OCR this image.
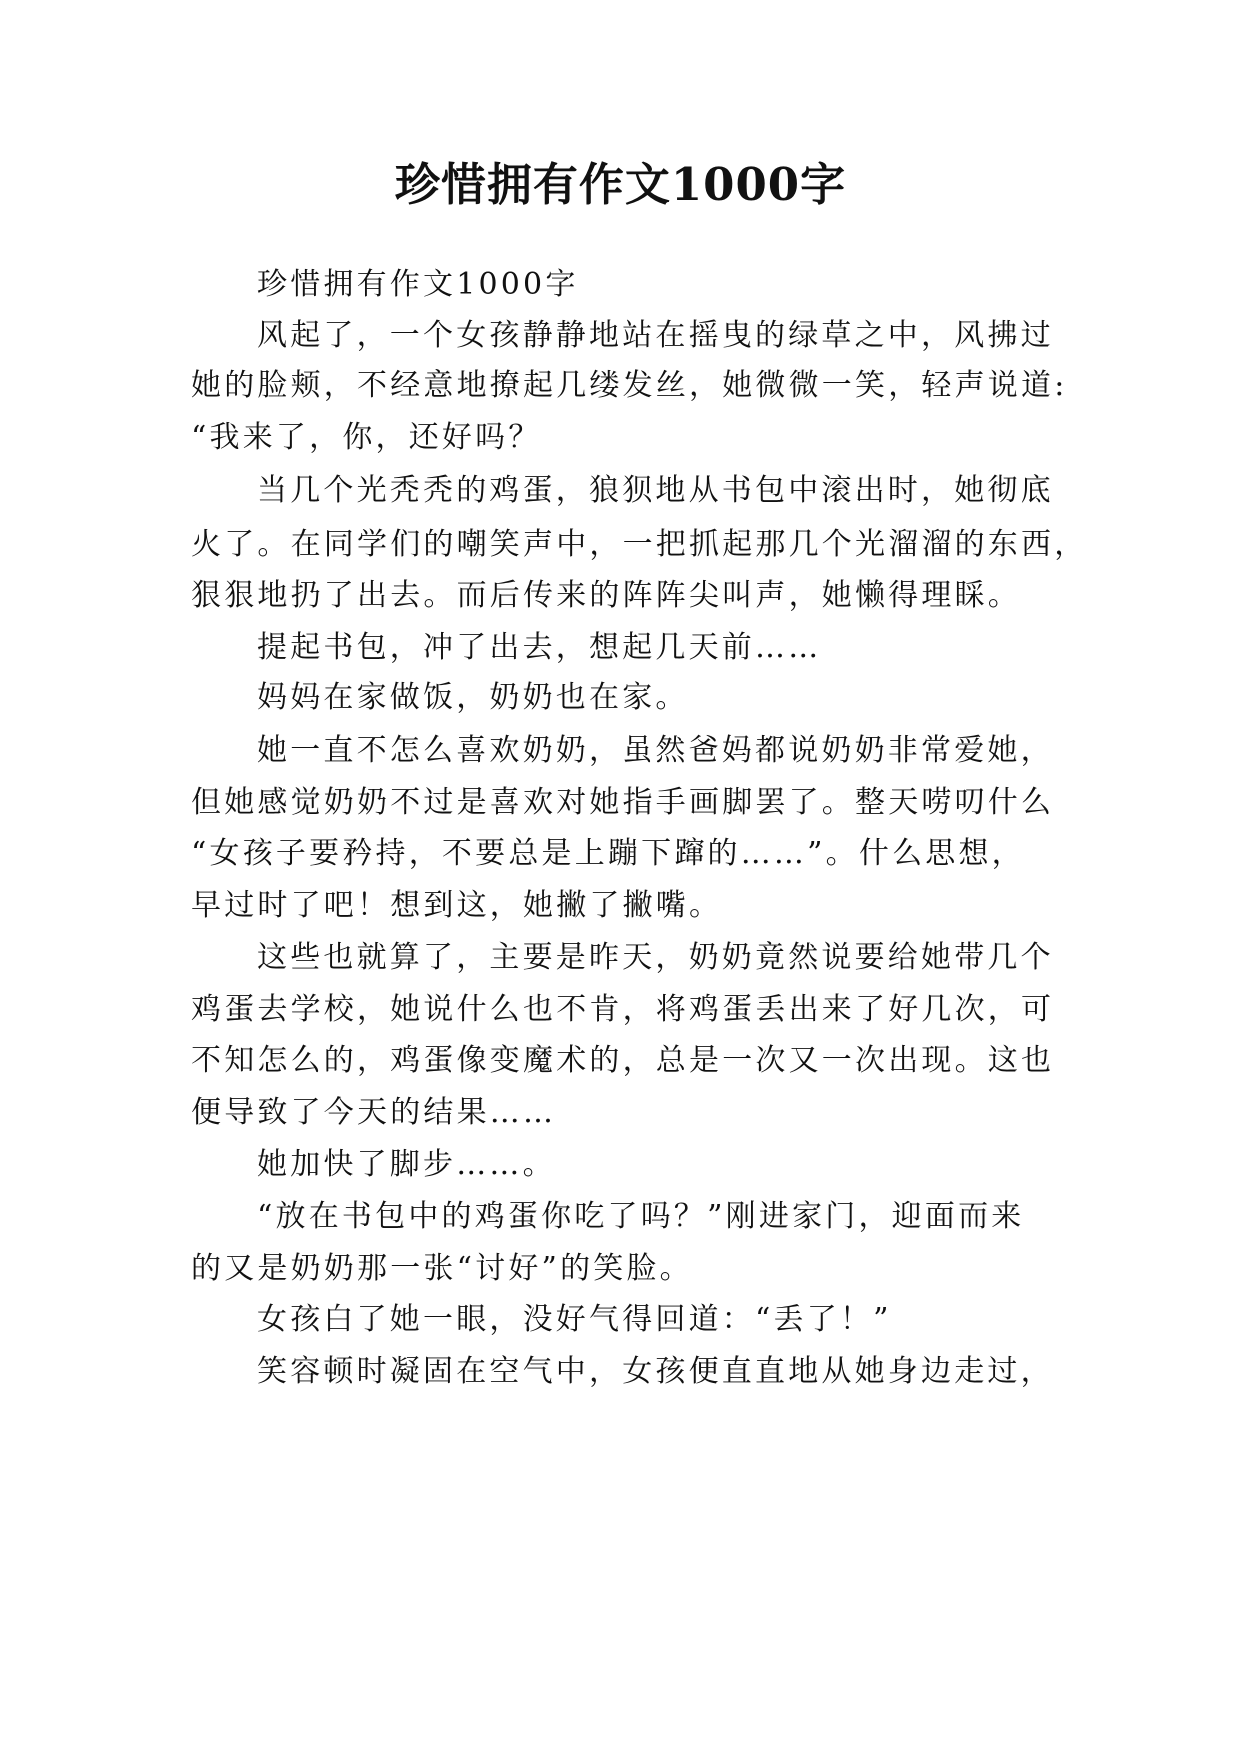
珍惜拥有作文1000字

珍惜拥有作文1000字

风起了，一个女孩静静地站在摇曳的绿草之中，风拂过

她的脸颊，不经意地撩起几缕发丝，她微微一笑，轻声说道:

“我来了，你，还好吗？

当几个光秃秃的鸡蛋，狼狈地从书包中滚出时，她彻底

火了。在同学们的嘲笑声中，一把抓起那几个光溜溜的东西，

狠狠地扔了出去。而后传来的阵阵尖叫声，她懒得理睬。

提起书包，冲了出去，想起几天前……

妈妈在家做饭，奶奶也在家。

她一直不怎么喜欢奶奶，虽然爸妈都说奶奶非常爱她，

但她感觉奶奶不过是喜欢对她指手画脚罢了。整天唠叨什么

“女孩子要矜持，不要总是上蹦下蹿的……”。什么思想，

早过时了吧！想到这，她撇了撇嘴。

这些也就算了，主要是昨天，奶奶竟然说要给她带几个

鸡蛋去学校，她说什么也不肯，将鸡蛋丢出来了好几次，可

不知怎么的，鸡蛋像变魔术的，总是一次又一次出现。这也

便导致了今天的结果……

她加快了脚步……。

“放在书包中的鸡蛋你吃了吗？”刚进家门，迎面而来

的又是奶奶那一张“讨好”的笑脸。

女孩白了她一眼，没好气得回道：“丢了！”

笑容顿时凝固在空气中，女孩便直直地从她身边走过，
